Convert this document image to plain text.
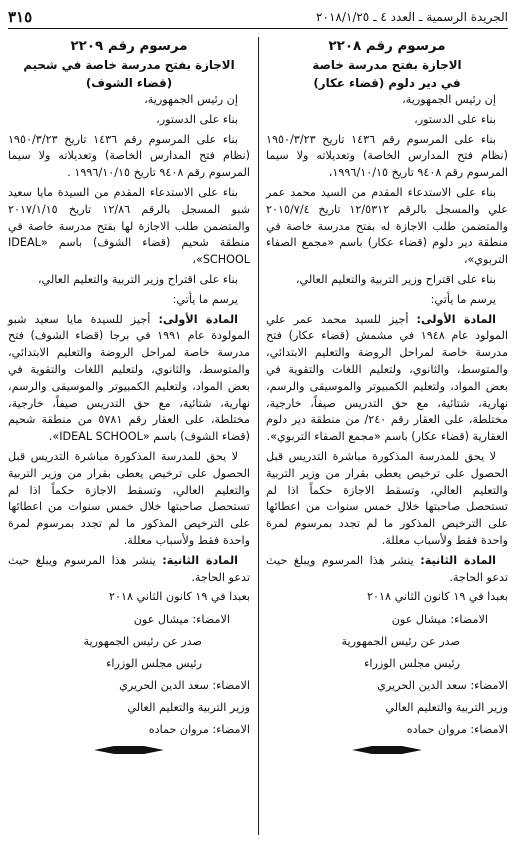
الجريدة الرسمية ـ العدد ٤ ـ ٢٠١٨/١/٢٥
٣١٥
مرسوم رقم ٢٢٠٨
الاجازة بفتح مدرسة خاصة
في دير دلوم (قضاء عكار)

إن رئيس الجمهورية،

بناء على الدستور،

بناء على المرسوم رقم ١٤٣٦ تاريخ ١٩٥٠/٣/٢٣ (نظام فتح المدارس الخاصة) وتعديلاته ولا سيما المرسوم رقم ٩٤٠٨ تاريخ ١٩٩٦/١٠/١٥،

بناء على الاستدعاء المقدم من السيد محمد عمر علي والمسجل بالرقم ١٢/٥٣١٢ تاريخ ٢٠١٥/٧/٤ والمتضمن طلب الاجازة له بفتح مدرسة خاصة في منطقة دير دلوم (قضاء عكار) باسم «مجمع الصفاء التربوي»،

بناء على اقتراح وزير التربية والتعليم العالي،

يرسم ما يأتي:

المادة الأولى: أجيز للسيد محمد عمر علي المولود عام ١٩٤٨ في مشمش (قضاء عكار) فتح مدرسة خاصة لمراحل الروضة والتعليم الابتدائي، والمتوسط، والثانوي، ولتعليم اللغات والتقوية في بعض المواد، ولتعليم الكمبيوتر والموسيقى والرسم، نهارية، شتائية، مع حق التدريس صيفاً، خارجية، مختلطة، على العقار رقم ٢٤٠/ من منطقة دير دلوم العقارية (قضاء عكار) باسم «مجمع الصفاء التربوي».

لا يحق للمدرسة المذكورة مباشرة التدريس قبل الحصول على ترخيص يعطى بقرار من وزير التربية والتعليم العالي، وتسقط الاجازة حكماً اذا لم تستحصل صاحبتها خلال خمس سنوات من اعطائها على الترخيص المذكور ما لم تجدد بمرسوم لمرة واحدة فقط ولأسباب معللة.

المادة الثانية: ينشر هذا المرسوم ويبلغ حيث تدعو الحاجة.

بعبدا في ١٩ كانون الثاني ٢٠١٨

الامضاء: ميشال عون

صدر عن رئيس الجمهورية

رئيس مجلس الوزراء

الامضاء: سعد الدين الحريري

وزير التربية والتعليم العالي

الامضاء: مروان حماده

مرسوم رقم ٢٢٠٩
الاجازة بفتح مدرسة خاصة في شحيم
(قضاء الشوف)

إن رئيس الجمهورية،

بناء على الدستور،

بناء على المرسوم رقم ١٤٣٦ تاريخ ١٩٥٠/٣/٢٣ (نظام فتح المدارس الخاصة) وتعديلاته ولا سيما المرسوم رقم ٩٤٠٨ تاريخ ١٩٩٦/١٠/١٥ .

بناء على الاستدعاء المقدم من السيدة مايا سعيد شبو المسجل بالرقم ١٢/٨٦ تاريخ ٢٠١٧/١/١٥ والمتضمن طلب الاجازة لها بفتح مدرسة خاصة في منطقة شحيم (قضاء الشوف) باسم «IDEAL SCHOOL»،

بناء على اقتراح وزير التربية والتعليم العالي،

يرسم ما يأتي:

المادة الأولى: أجيز للسيدة مايا سعيد شبو المولودة عام ١٩٩١ في برجا (قضاء الشوف) فتح مدرسة خاصة لمراحل الروضة والتعليم الابتدائي، والمتوسط، والثانوي، ولتعليم اللغات والتقوية في بعض المواد، ولتعليم الكمبيوتر والموسيقى والرسم، نهارية، شتائية، مع حق التدريس صيفاً، خارجية، مختلطة، على العقار رقم ٥٧٨١ من منطقة شحيم (قضاء الشوف) باسم «IDEAL SCHOOL».

لا يحق للمدرسة المذكورة مباشرة التدريس قبل الحصول على ترخيص يعطى بقرار من وزير التربية والتعليم العالي، وتسقط الاجازة حكماً اذا لم تستحصل صاحبتها خلال خمس سنوات من اعطائها على الترخيص المذكور ما لم تجدد بمرسوم لمرة واحدة فقط ولأسباب معللة.

المادة الثانية: ينشر هذا المرسوم ويبلغ حيث تدعو الحاجة.

بعبدا في ١٩ كانون الثاني ٢٠١٨

الامضاء: ميشال عون

صدر عن رئيس الجمهورية

رئيس مجلس الوزراء

الامضاء: سعد الدين الحريري

وزير التربية والتعليم العالي

الامضاء: مروان حماده
